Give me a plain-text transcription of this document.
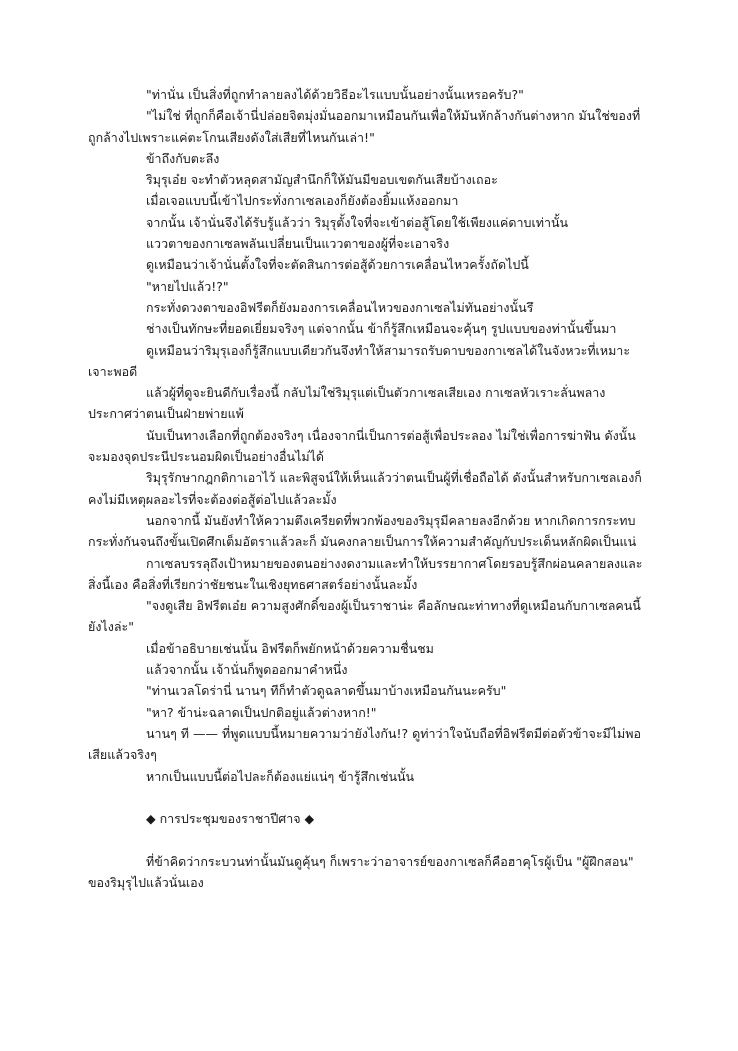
"ท่านั่น เป็นสิ่งที่ถูกทำลายลงได้ด้วยวิธีอะไรแบบนั้นอย่างนั้นเหรอครับ?"

"ไม่ใช่ ที่ถูกก็คือเจ้านี่ปล่อยจิตมุ่งมั่นออกมาเหมือนกันเพื่อให้มันหักล้างกันต่างหาก มันใช่ของที่ถูกล้างไปเพราะแค่ตะโกนเสียงดังใส่เสียที่ไหนกันเล่า!"

ข้าถึงกับตะลึง

ริมุรุเอ๋ย จะทำตัวหลุดสามัญสำนึกก็ให้มันมีขอบเขตกันเสียบ้างเถอะ

เมื่อเจอแบบนี้เข้าไปกระทั่งกาเซลเองก็ยังต้องยิ้มแห้งออกมา

จากนั้น เจ้านั่นจึงได้รับรู้แล้วว่า ริมุรุตั้งใจที่จะเข้าต่อสู้โดยใช้เพียงแค่ดาบเท่านั้น

แววตาของกาเซลพลันเปลี่ยนเป็นแววตาของผู้ที่จะเอาจริง

ดูเหมือนว่าเจ้านั่นตั้งใจที่จะตัดสินการต่อสู้ด้วยการเคลื่อนไหวครั้งถัดไปนี้

"หายไปแล้ว!?"

กระทั่งดวงตาของอิฟรีตก็ยังมองการเคลื่อนไหวของกาเซลไม่ทันอย่างนั้นรึ

ช่างเป็นทักษะที่ยอดเยี่ยมจริงๆ แต่จากนั้น ข้าก็รู้สึกเหมือนจะคุ้นๆ รูปแบบของท่านั้นขึ้นมา

ดูเหมือนว่าริมุรุเองก็รู้สึกแบบเดียวกันจึงทำให้สามารถรับดาบของกาเซลได้ในจังหวะที่เหมาะเจาะพอดี

แล้วผู้ที่ดูจะยินดีกับเรื่องนี้ กลับไม่ใช่ริมุรุแต่เป็นตัวกาเซลเสียเอง กาเซลหัวเราะลั่นพลางประกาศว่าตนเป็นฝ่ายพ่ายแพ้

นับเป็นทางเลือกที่ถูกต้องจริงๆ เนื่องจากนี่เป็นการต่อสู้เพื่อประลอง ไม่ใช่เพื่อการฆ่าฟัน ดังนั้นจะมองจุดประนีประนอมผิดเป็นอย่างอื่นไม่ได้

ริมุรุรักษากฎกติกาเอาไว้ และพิสูจน์ให้เห็นแล้วว่าตนเป็นผู้ที่เชื่อถือได้ ดังนั้นสำหรับกาเซลเองก็คงไม่มีเหตุผลอะไรที่จะต้องต่อสู้ต่อไปแล้วละมั้ง

นอกจากนี้ มันยังทำให้ความตึงเครียดที่พวกพ้องของริมุรุมีคลายลงอีกด้วย หากเกิดการกระทบกระทั่งกันจนถึงขั้นเปิดศึกเต็มอัตราแล้วละก็ มันคงกลายเป็นการให้ความสำคัญกับประเด็นหลักผิดเป็นแน่

กาเซลบรรลุถึงเป้าหมายของตนอย่างงดงามและทำให้บรรยากาศโดยรอบรู้สึกผ่อนคลายลงและสิ่งนี้เอง คือสิ่งที่เรียกว่าชัยชนะในเชิงยุทธศาสตร์อย่างนั้นละมั้ง

"จงดูเสีย อิฟรีตเอ๋ย ความสูงศักดิ์ของผู้เป็นราชาน่ะ คือลักษณะท่าทางที่ดูเหมือนกับกาเซลคนนี้ยังไงล่ะ"

เมื่อข้าอธิบายเช่นนั้น อิฟรีตก็พยักหน้าด้วยความชื่นชม

แล้วจากนั้น เจ้านั่นก็พูดออกมาคำหนึ่ง

"ท่านเวลโดร่านี่ นานๆ ทีก็ทำตัวดูฉลาดขึ้นมาบ้างเหมือนกันนะครับ"

"หา? ข้าน่ะฉลาดเป็นปกติอยู่แล้วต่างหาก!"

นานๆ ที —— ที่พูดแบบนี้หมายความว่ายังไงกัน!? ดูท่าว่าใจนับถือที่อิฟรีตมีต่อตัวข้าจะมีไม่พอเสียแล้วจริงๆ

หากเป็นแบบนี้ต่อไปละก็ต้องแย่แน่ๆ ข้ารู้สึกเช่นนั้น

◆ การประชุมของราชาปีศาจ ◆

ที่ข้าคิดว่ากระบวนท่านั้นมันดูคุ้นๆ ก็เพราะว่าอาจารย์ของกาเซลก็คือฮาคุโรผู้เป็น "ผู้ฝึกสอน" ของริมุรุไปแล้วนั่นเอง
